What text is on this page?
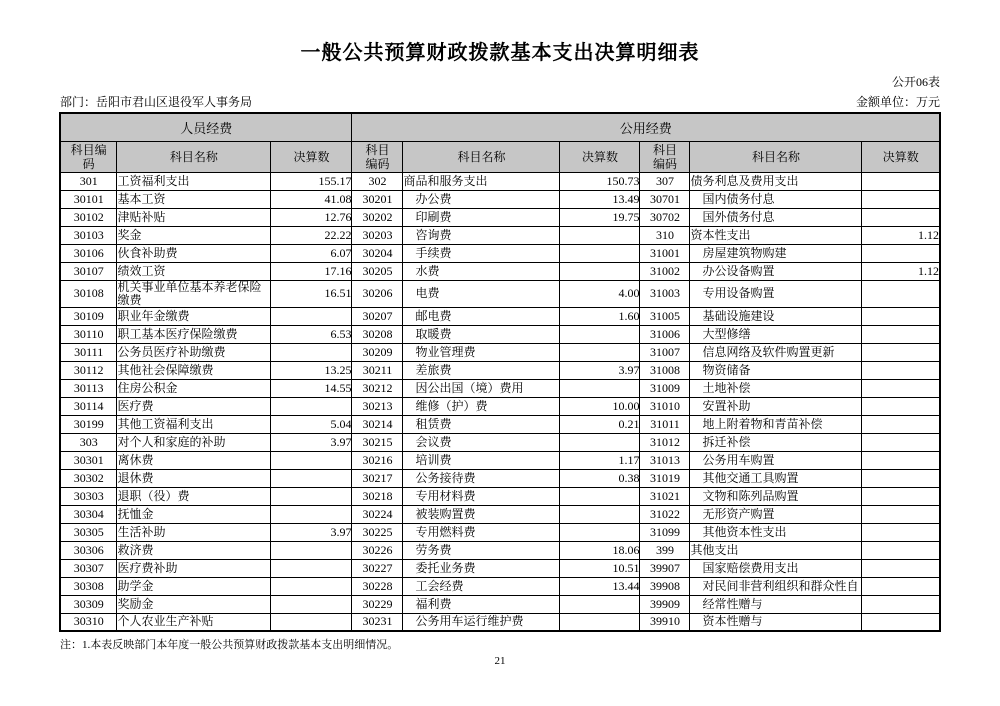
一般公共预算财政拨款基本支出决算明细表
公开06表
部门：岳阳市君山区退役军人事务局	金额单位：万元
人员经费			公用经费					
科目编码	科目名称	决算数	科目编码	科目名称	决算数	科目编码	科目名称	决算数
301	工资福利支出	155.17	302	商品和服务支出	150.73	307	债务利息及费用支出	
30101	基本工资	41.08	30201	　办公费	13.49	30701	　国内债务付息	
30102	津贴补贴	12.76	30202	　印刷费	19.75	30702	　国外债务付息	
30103	奖金	22.22	30203	　咨询费		310	资本性支出	1.12
30106	伙食补助费	6.07	30204	　手续费		31001	　房屋建筑物购建	
30107	绩效工资	17.16	30205	　水费		31002	　办公设备购置	1.12
30108	机关事业单位基本养老保险缴费	16.51	30206	　电费	4.00	31003	　专用设备购置	
30109	职业年金缴费		30207	　邮电费	1.60	31005	　基础设施建设	
30110	职工基本医疗保险缴费	6.53	30208	　取暖费		31006	　大型修缮	
30111	公务员医疗补助缴费		30209	　物业管理费		31007	　信息网络及软件购置更新	
30112	其他社会保障缴费	13.25	30211	　差旅费	3.97	31008	　物资储备	
30113	住房公积金	14.55	30212	　因公出国（境）费用		31009	　土地补偿	
30114	医疗费		30213	　维修（护）费	10.00	31010	　安置补助	
30199	其他工资福利支出	5.04	30214	　租赁费	0.21	31011	　地上附着物和青苗补偿	
303	对个人和家庭的补助	3.97	30215	　会议费		31012	　拆迁补偿	
30301	离休费		30216	　培训费	1.17	31013	　公务用车购置	
30302	退休费		30217	　公务接待费	0.38	31019	　其他交通工具购置	
30303	退职（役）费		30218	　专用材料费		31021	　文物和陈列品购置	
30304	抚恤金		30224	　被装购置费		31022	　无形资产购置	
30305	生活补助	3.97	30225	　专用燃料费		31099	　其他资本性支出	
30306	救济费		30226	　劳务费	18.06	399	其他支出	
30307	医疗费补助		30227	　委托业务费	10.51	39907	　国家赔偿费用支出	
30308	助学金		30228	　工会经费	13.44	39908	　对民间非营利组织和群众性自	
30309	奖励金		30229	　福利费		39909	　经常性赠与	
30310	个人农业生产补贴		30231	　公务用车运行维护费		39910	　资本性赠与	
注：1.本表反映部门本年度一般公共预算财政拨款基本支出明细情况。
21
